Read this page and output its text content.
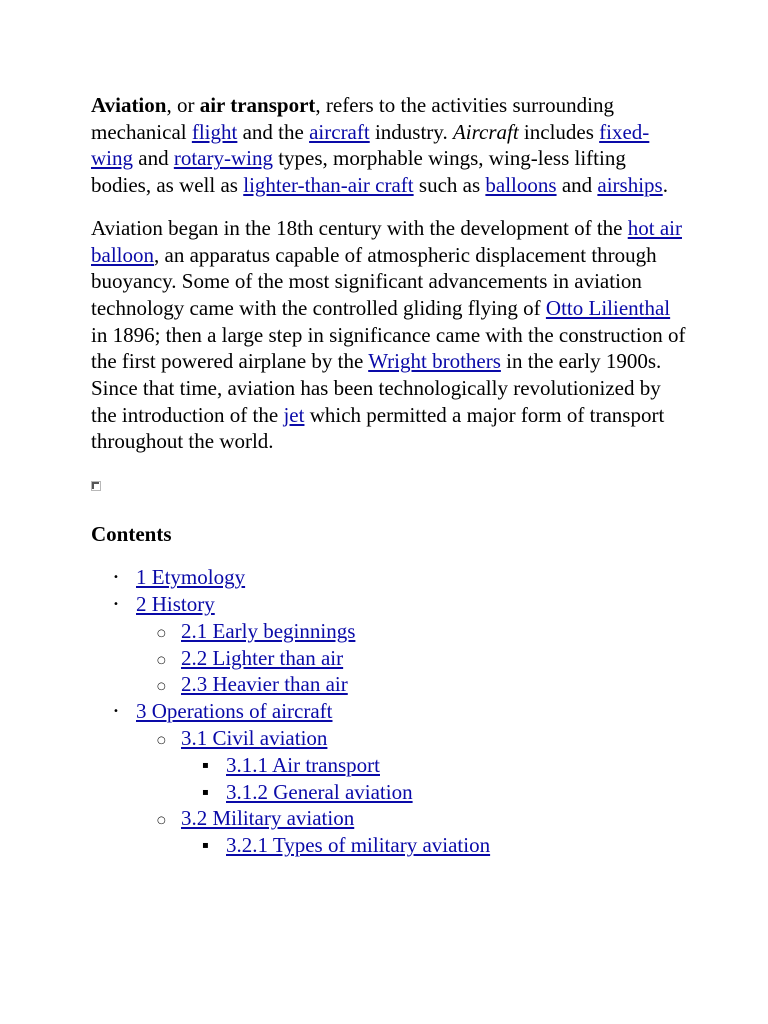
Aviation, or air transport, refers to the activities surrounding mechanical flight and the aircraft industry. Aircraft includes fixed-wing and rotary-wing types, morphable wings, wing-less lifting bodies, as well as lighter-than-air craft such as balloons and airships.

Aviation began in the 18th century with the development of the hot air balloon, an apparatus capable of atmospheric displacement through buoyancy. Some of the most significant advancements in aviation technology came with the controlled gliding flying of Otto Lilienthal in 1896; then a large step in significance came with the construction of the first powered airplane by the Wright brothers in the early 1900s. Since that time, aviation has been technologically revolutionized by the introduction of the jet which permitted a major form of transport throughout the world.

Contents
• 1 Etymology
• 2 History
○ 2.1 Early beginnings
○ 2.2 Lighter than air
○ 2.3 Heavier than air
• 3 Operations of aircraft
○ 3.1 Civil aviation
▪ 3.1.1 Air transport
▪ 3.1.2 General aviation
○ 3.2 Military aviation
▪ 3.2.1 Types of military aviation
